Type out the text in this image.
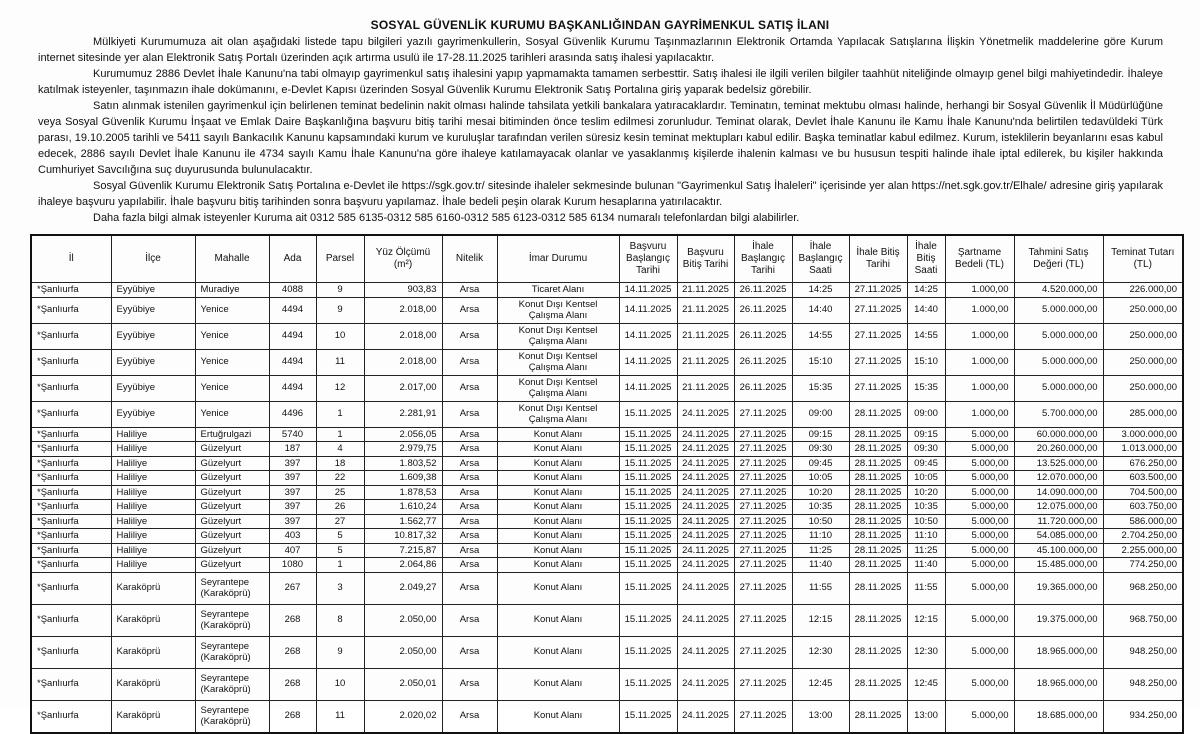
SOSYAL GÜVENLİK KURUMU BAŞKANLIĞINDAN GAYRİMENKUL SATIŞ İLANI

Mülkiyeti Kurumumuza ait olan aşağıdaki listede tapu bilgileri yazılı gayrimenkullerin, Sosyal Güvenlik Kurumu Taşınmazlarının Elektronik Ortamda Yapılacak Satışlarına İlişkin Yönetmelik maddelerine göre Kurum internet sitesinde yer alan Elektronik Satış Portalı üzerinden açık artırma usulü ile 17-28.11.2025 tarihleri arasında satış ihalesi yapılacaktır.

Kurumumuz 2886 Devlet İhale Kanunu'na tabi olmayıp gayrimenkul satış ihalesini yapıp yapmamakta tamamen serbesttir. Satış ihalesi ile ilgili verilen bilgiler taahhüt niteliğinde olmayıp genel bilgi mahiyetindedir. İhaleye katılmak isteyenler, taşınmazın ihale dokümanını, e-Devlet Kapısı üzerinden Sosyal Güvenlik Kurumu Elektronik Satış Portalına giriş yaparak bedelsiz görebilir.

Satın alınmak istenilen gayrimenkul için belirlenen teminat bedelinin nakit olması halinde tahsilata yetkili bankalara yatıracaklardır. Teminatın, teminat mektubu olması halinde, herhangi bir Sosyal Güvenlik İl Müdürlüğüne veya Sosyal Güvenlik Kurumu İnşaat ve Emlak Daire Başkanlığına başvuru bitiş tarihi mesai bitiminden önce teslim edilmesi zorunludur. Teminat olarak, Devlet İhale Kanunu ile Kamu İhale Kanunu'nda belirtilen tedavüldeki Türk parası, 19.10.2005 tarihli ve 5411 sayılı Bankacılık Kanunu kapsamındaki kurum ve kuruluşlar tarafından verilen süresiz kesin teminat mektupları kabul edilir. Başka teminatlar kabul edilmez. Kurum, isteklilerin beyanlarını esas kabul edecek, 2886 sayılı Devlet İhale Kanunu ile 4734 sayılı Kamu İhale Kanunu'na göre ihaleye katılamayacak olanlar ve yasaklanmış kişilerde ihalenin kalması ve bu hususun tespiti halinde ihale iptal edilerek, bu kişiler hakkında Cumhuriyet Savcılığına suç duyurusunda bulunulacaktır.

Sosyal Güvenlik Kurumu Elektronik Satış Portalına e-Devlet ile https://sgk.gov.tr/ sitesinde ihaleler sekmesinde bulunan "Gayrimenkul Satış İhaleleri" içerisinde yer alan https://net.sgk.gov.tr/Elhale/ adresine giriş yapılarak ihaleye başvuru yapılabilir. İhale başvuru bitiş tarihinden sonra başvuru yapılamaz. İhale bedeli peşin olarak Kurum hesaplarına yatırılacaktır.

Daha fazla bilgi almak isteyenler Kuruma ait 0312 585 6135-0312 585 6160-0312 585 6123-0312 585 6134 numaralı telefonlardan bilgi alabilirler.

İl	İlçe	Mahalle	Ada	Parsel	Yüz Ölçümü (m²)	Nitelik	İmar Durumu	Başvuru Başlangıç Tarihi	Başvuru Bitiş Tarihi	İhale Başlangıç Tarihi	İhale Başlangıç Saati	İhale Bitiş Tarihi	İhale Bitiş Saati	Şartname Bedeli (TL)	Tahmini Satış Değeri (TL)	Teminat Tutarı (TL)
*Şanlıurfa	Eyyübiye	Muradiye	4088	9	903,83	Arsa	Ticaret Alanı	14.11.2025	21.11.2025	26.11.2025	14:25	27.11.2025	14:25	1.000,00	4.520.000,00	226.000,00
*Şanlıurfa	Eyyübiye	Yenice	4494	9	2.018,00	Arsa	Konut Dışı Kentsel Çalışma Alanı	14.11.2025	21.11.2025	26.11.2025	14:40	27.11.2025	14:40	1.000,00	5.000.000,00	250.000,00
*Şanlıurfa	Eyyübiye	Yenice	4494	10	2.018,00	Arsa	Konut Dışı Kentsel Çalışma Alanı	14.11.2025	21.11.2025	26.11.2025	14:55	27.11.2025	14:55	1.000,00	5.000.000,00	250.000,00
*Şanlıurfa	Eyyübiye	Yenice	4494	11	2.018,00	Arsa	Konut Dışı Kentsel Çalışma Alanı	14.11.2025	21.11.2025	26.11.2025	15:10	27.11.2025	15:10	1.000,00	5.000.000,00	250.000,00
*Şanlıurfa	Eyyübiye	Yenice	4494	12	2.017,00	Arsa	Konut Dışı Kentsel Çalışma Alanı	14.11.2025	21.11.2025	26.11.2025	15:35	27.11.2025	15:35	1.000,00	5.000.000,00	250.000,00
*Şanlıurfa	Eyyübiye	Yenice	4496	1	2.281,91	Arsa	Konut Dışı Kentsel Çalışma Alanı	15.11.2025	24.11.2025	27.11.2025	09:00	28.11.2025	09:00	1.000,00	5.700.000,00	285.000,00
*Şanlıurfa	Haliliye	Ertuğrulgazi	5740	1	2.056,05	Arsa	Konut Alanı	15.11.2025	24.11.2025	27.11.2025	09:15	28.11.2025	09:15	5.000,00	60.000.000,00	3.000.000,00
*Şanlıurfa	Haliliye	Güzelyurt	187	4	2.979,75	Arsa	Konut Alanı	15.11.2025	24.11.2025	27.11.2025	09:30	28.11.2025	09:30	5.000,00	20.260.000,00	1.013.000,00
*Şanlıurfa	Haliliye	Güzelyurt	397	18	1.803,52	Arsa	Konut Alanı	15.11.2025	24.11.2025	27.11.2025	09:45	28.11.2025	09:45	5.000,00	13.525.000,00	676.250,00
*Şanlıurfa	Haliliye	Güzelyurt	397	22	1.609,38	Arsa	Konut Alanı	15.11.2025	24.11.2025	27.11.2025	10:05	28.11.2025	10:05	5.000,00	12.070.000,00	603.500,00
*Şanlıurfa	Haliliye	Güzelyurt	397	25	1.878,53	Arsa	Konut Alanı	15.11.2025	24.11.2025	27.11.2025	10:20	28.11.2025	10:20	5.000,00	14.090.000,00	704.500,00
*Şanlıurfa	Haliliye	Güzelyurt	397	26	1.610,24	Arsa	Konut Alanı	15.11.2025	24.11.2025	27.11.2025	10:35	28.11.2025	10:35	5.000,00	12.075.000,00	603.750,00
*Şanlıurfa	Haliliye	Güzelyurt	397	27	1.562,77	Arsa	Konut Alanı	15.11.2025	24.11.2025	27.11.2025	10:50	28.11.2025	10:50	5.000,00	11.720.000,00	586.000,00
*Şanlıurfa	Haliliye	Güzelyurt	403	5	10.817,32	Arsa	Konut Alanı	15.11.2025	24.11.2025	27.11.2025	11:10	28.11.2025	11:10	5.000,00	54.085.000,00	2.704.250,00
*Şanlıurfa	Haliliye	Güzelyurt	407	5	7.215,87	Arsa	Konut Alanı	15.11.2025	24.11.2025	27.11.2025	11:25	28.11.2025	11:25	5.000,00	45.100.000,00	2.255.000,00
*Şanlıurfa	Haliliye	Güzelyurt	1080	1	2.064,86	Arsa	Konut Alanı	15.11.2025	24.11.2025	27.11.2025	11:40	28.11.2025	11:40	5.000,00	15.485.000,00	774.250,00
*Şanlıurfa	Karaköprü	Seyrantepe (Karaköprü)	267	3	2.049,27	Arsa	Konut Alanı	15.11.2025	24.11.2025	27.11.2025	11:55	28.11.2025	11:55	5.000,00	19.365.000,00	968.250,00
*Şanlıurfa	Karaköprü	Seyrantepe (Karaköprü)	268	8	2.050,00	Arsa	Konut Alanı	15.11.2025	24.11.2025	27.11.2025	12:15	28.11.2025	12:15	5.000,00	19.375.000,00	968.750,00
*Şanlıurfa	Karaköprü	Seyrantepe (Karaköprü)	268	9	2.050,00	Arsa	Konut Alanı	15.11.2025	24.11.2025	27.11.2025	12:30	28.11.2025	12:30	5.000,00	18.965.000,00	948.250,00
*Şanlıurfa	Karaköprü	Seyrantepe (Karaköprü)	268	10	2.050,01	Arsa	Konut Alanı	15.11.2025	24.11.2025	27.11.2025	12:45	28.11.2025	12:45	5.000,00	18.965.000,00	948.250,00
*Şanlıurfa	Karaköprü	Seyrantepe (Karaköprü)	268	11	2.020,02	Arsa	Konut Alanı	15.11.2025	24.11.2025	27.11.2025	13:00	28.11.2025	13:00	5.000,00	18.685.000,00	934.250,00
